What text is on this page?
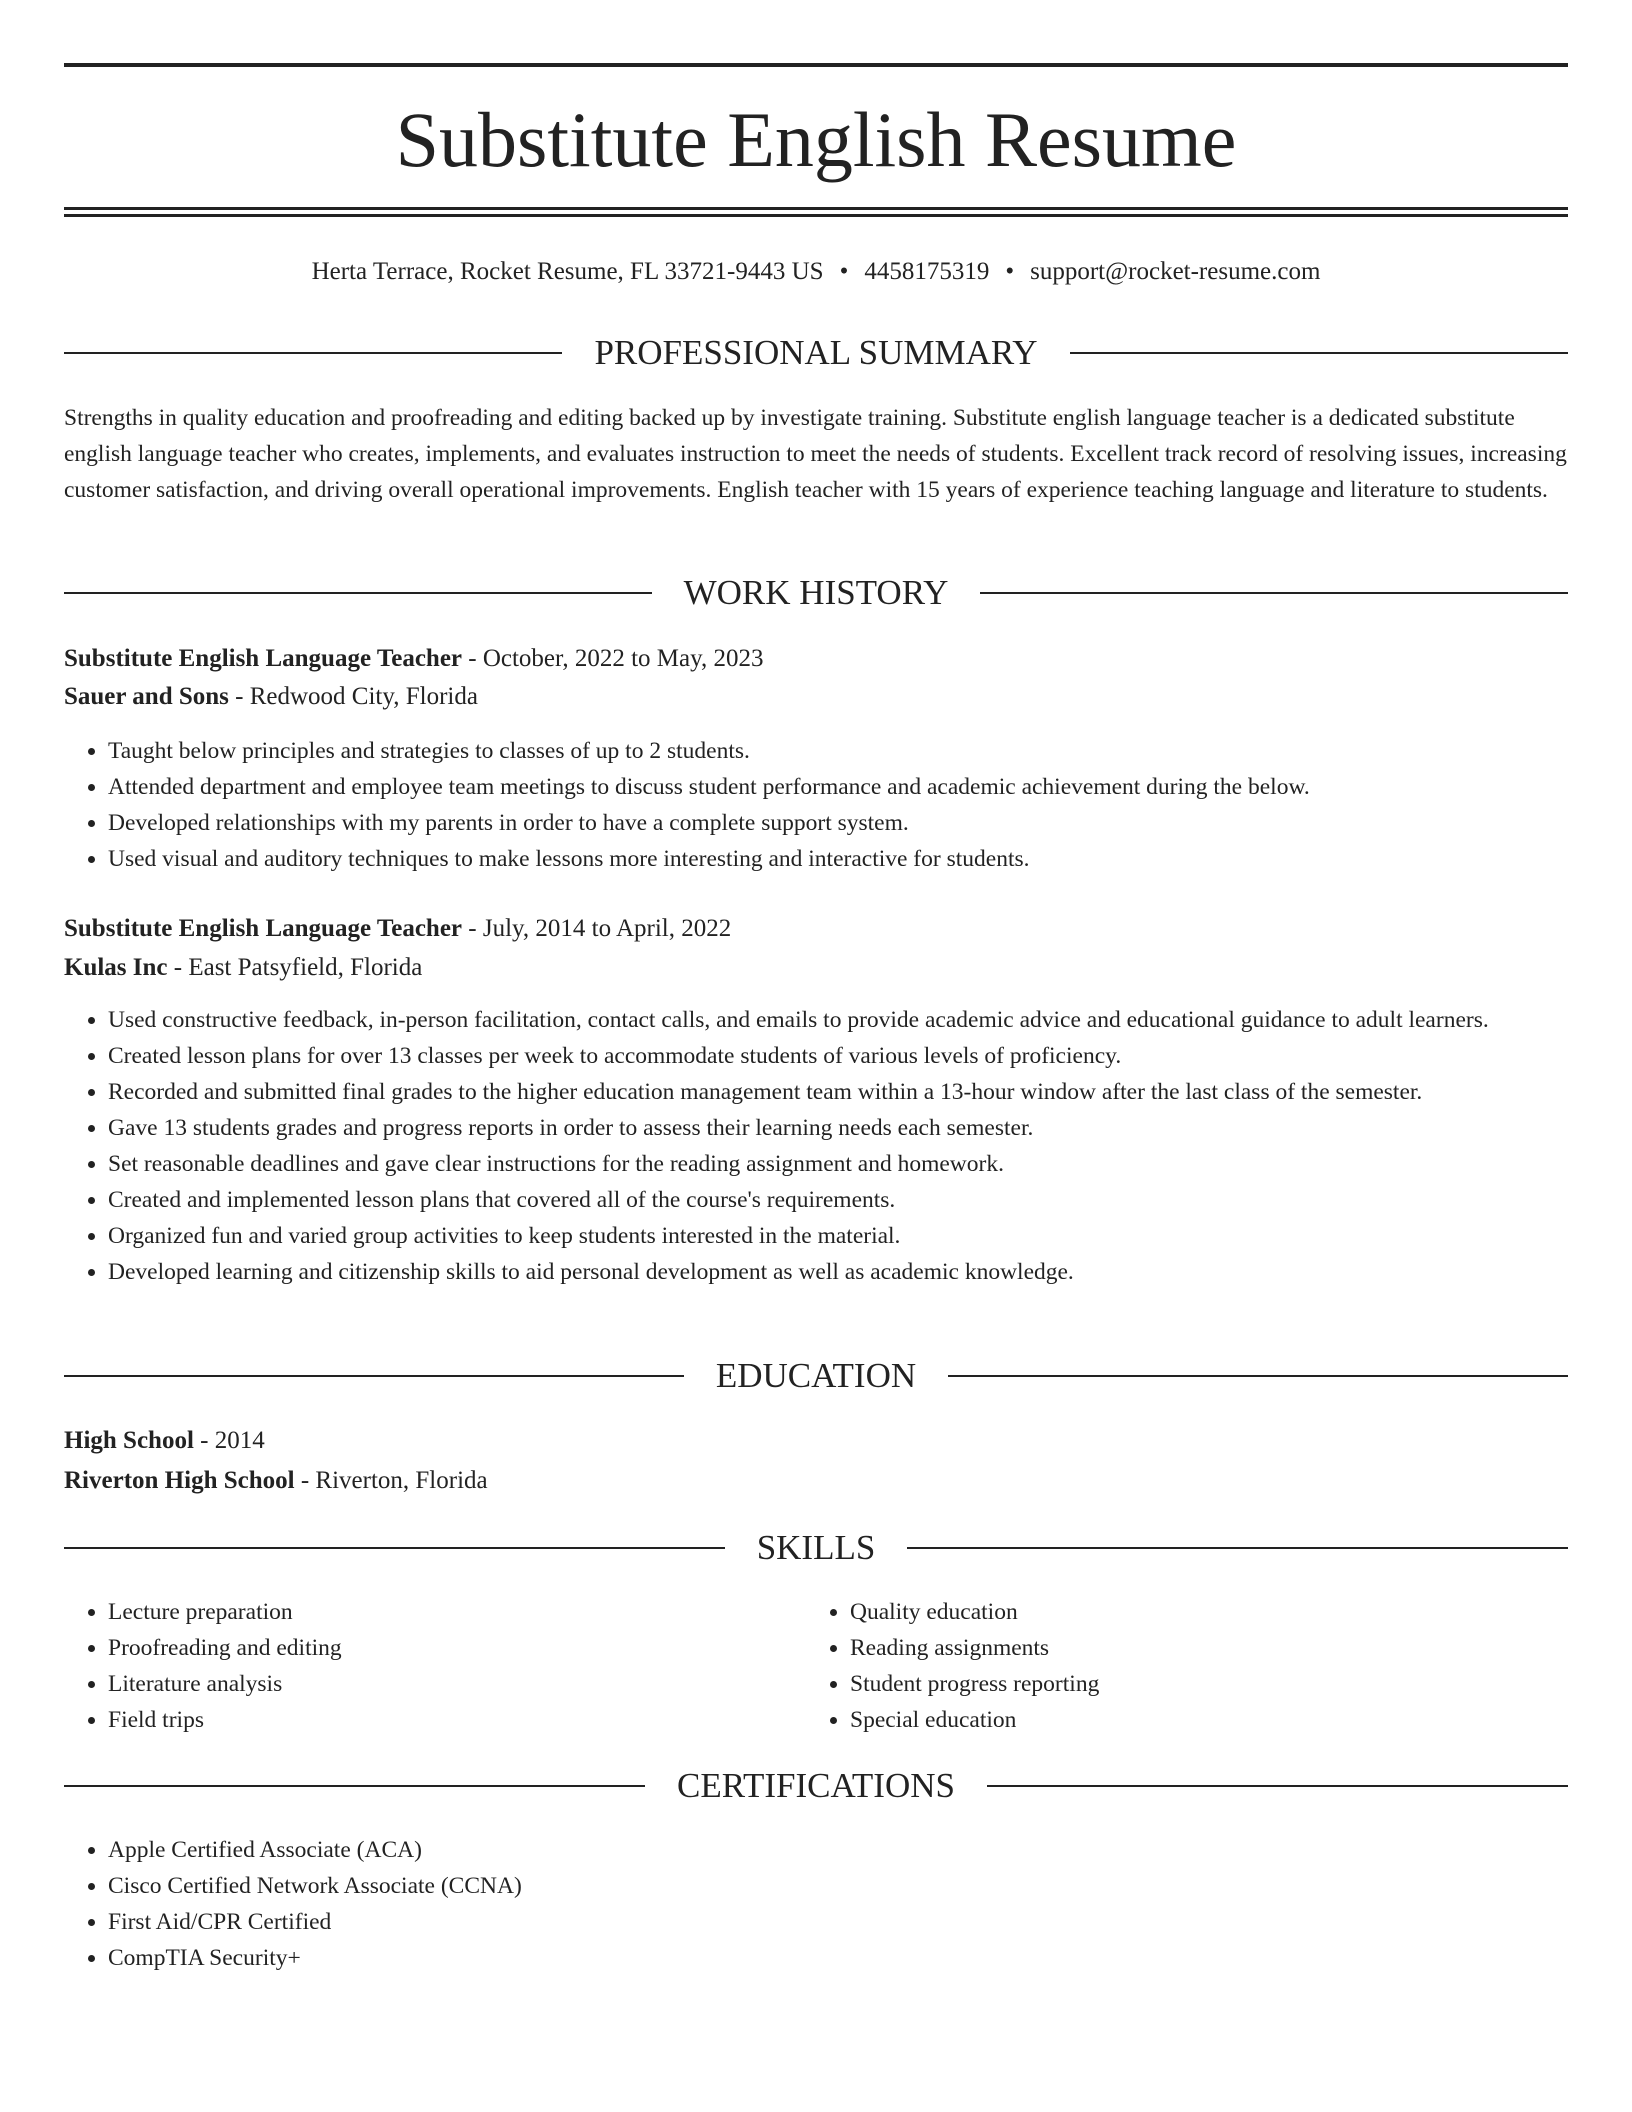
Substitute English Resume
Herta Terrace, Rocket Resume, FL 33721-9443 US • 4458175319 • support@rocket-resume.com
PROFESSIONAL SUMMARY

Strengths in quality education and proofreading and editing backed up by investigate training. Substitute english language teacher is a dedicated substitute english language teacher who creates, implements, and evaluates instruction to meet the needs of students. Excellent track record of resolving issues, increasing customer satisfaction, and driving overall operational improvements. English teacher with 15 years of experience teaching language and literature to students.

WORK HISTORY
Substitute English Language Teacher - October, 2022 to May, 2023
Sauer and Sons - Redwood City, Florida
• Taught below principles and strategies to classes of up to 2 students.
• Attended department and employee team meetings to discuss student performance and academic achievement during the below.
• Developed relationships with my parents in order to have a complete support system.
• Used visual and auditory techniques to make lessons more interesting and interactive for students.
Substitute English Language Teacher - July, 2014 to April, 2022
Kulas Inc - East Patsyfield, Florida
• Used constructive feedback, in-person facilitation, contact calls, and emails to provide academic advice and educational guidance to adult learners.
• Created lesson plans for over 13 classes per week to accommodate students of various levels of proficiency.
• Recorded and submitted final grades to the higher education management team within a 13-hour window after the last class of the semester.
• Gave 13 students grades and progress reports in order to assess their learning needs each semester.
• Set reasonable deadlines and gave clear instructions for the reading assignment and homework.
• Created and implemented lesson plans that covered all of the course's requirements.
• Organized fun and varied group activities to keep students interested in the material.
• Developed learning and citizenship skills to aid personal development as well as academic knowledge.
EDUCATION
High School - 2014
Riverton High School - Riverton, Florida
SKILLS
• Lecture preparation
• Proofreading and editing
• Literature analysis
• Field trips
• Quality education
• Reading assignments
• Student progress reporting
• Special education
CERTIFICATIONS
• Apple Certified Associate (ACA)
• Cisco Certified Network Associate (CCNA)
• First Aid/CPR Certified
• CompTIA Security+
